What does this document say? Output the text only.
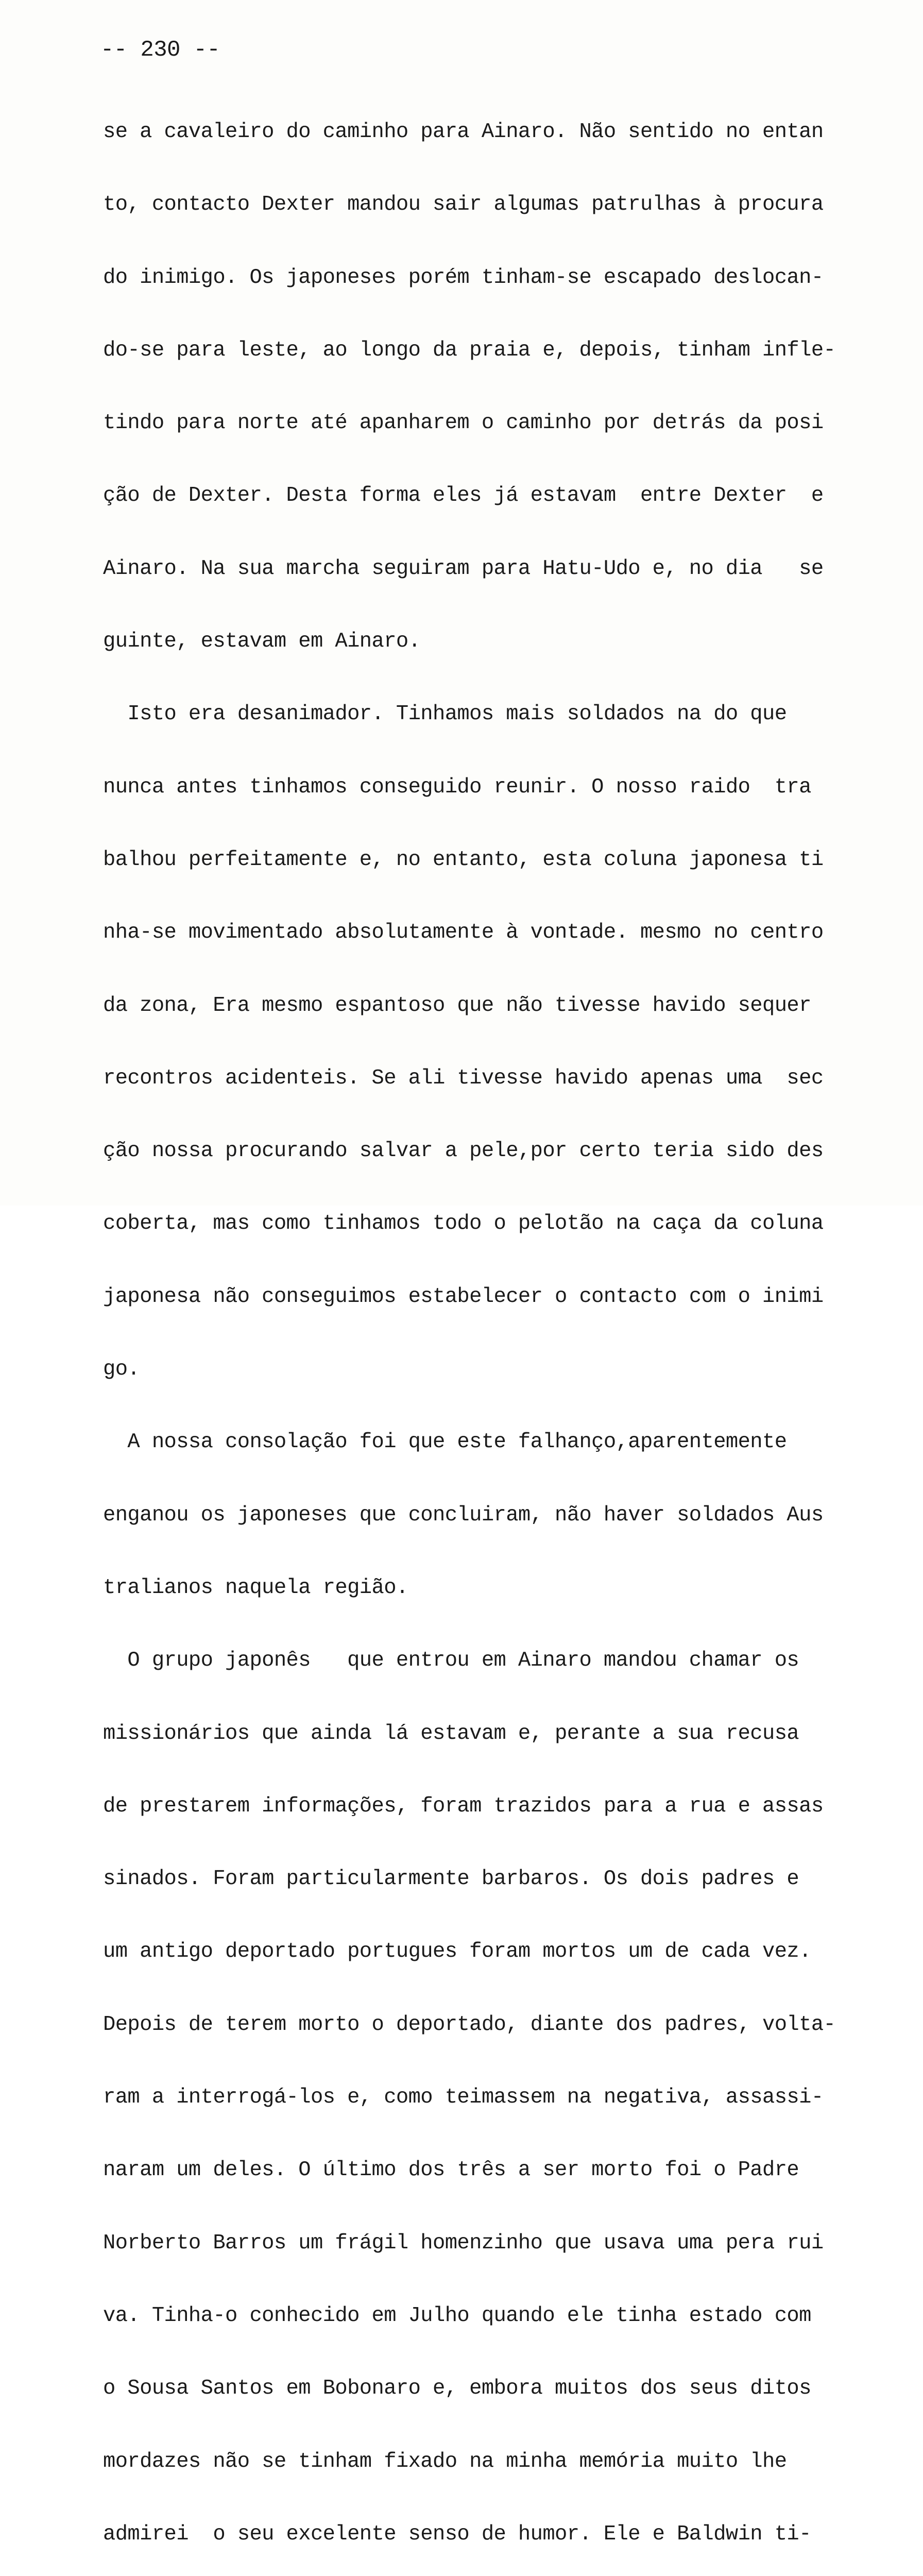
-- 230 --

se a cavaleiro do caminho para Ainaro. Não sentido no entan

to, contacto Dexter mandou sair algumas patrulhas à procura

do inimigo. Os japoneses porém tinham-se escapado deslocan-

do-se para leste, ao longo da praia e, depois, tinham infle-

tindo para norte até apanharem o caminho por detrás da posi

ção de Dexter. Desta forma eles já estavam  entre Dexter  e

Ainaro. Na sua marcha seguiram para Hatu-Udo e, no dia   se

guinte, estavam em Ainaro.

Isto era desanimador. Tinhamos mais soldados na do que

nunca antes tinhamos conseguido reunir. O nosso raido  tra

balhou perfeitamente e, no entanto, esta coluna japonesa ti

nha-se movimentado absolutamente à vontade. mesmo no centro

da zona, Era mesmo espantoso que não tivesse havido sequer

recontros acidenteis. Se ali tivesse havido apenas uma  sec

ção nossa procurando salvar a pele,por certo teria sido des

coberta, mas como tinhamos todo o pelotão na caça da coluna

japonesa não conseguimos estabelecer o contacto com o inimi

go.

A nossa consolação foi que este falhanço,aparentemente

enganou os japoneses que concluiram, não haver soldados Aus

tralianos naquela região.

O grupo japonês   que entrou em Ainaro mandou chamar os

missionários que ainda lá estavam e, perante a sua recusa

de prestarem informações, foram trazidos para a rua e assas

sinados. Foram particularmente barbaros. Os dois padres e

um antigo deportado portugues foram mortos um de cada vez.

Depois de terem morto o deportado, diante dos padres, volta-

ram a interrogá-los e, como teimassem na negativa, assassi-

naram um deles. O último dos três a ser morto foi o Padre

Norberto Barros um frágil homenzinho que usava uma pera rui

va. Tinha-o conhecido em Julho quando ele tinha estado com

o Sousa Santos em Bobonaro e, embora muitos dos seus ditos

mordazes não se tinham fixado na minha memória muito lhe

admirei  o seu excelente senso de humor. Ele e Baldwin ti-
